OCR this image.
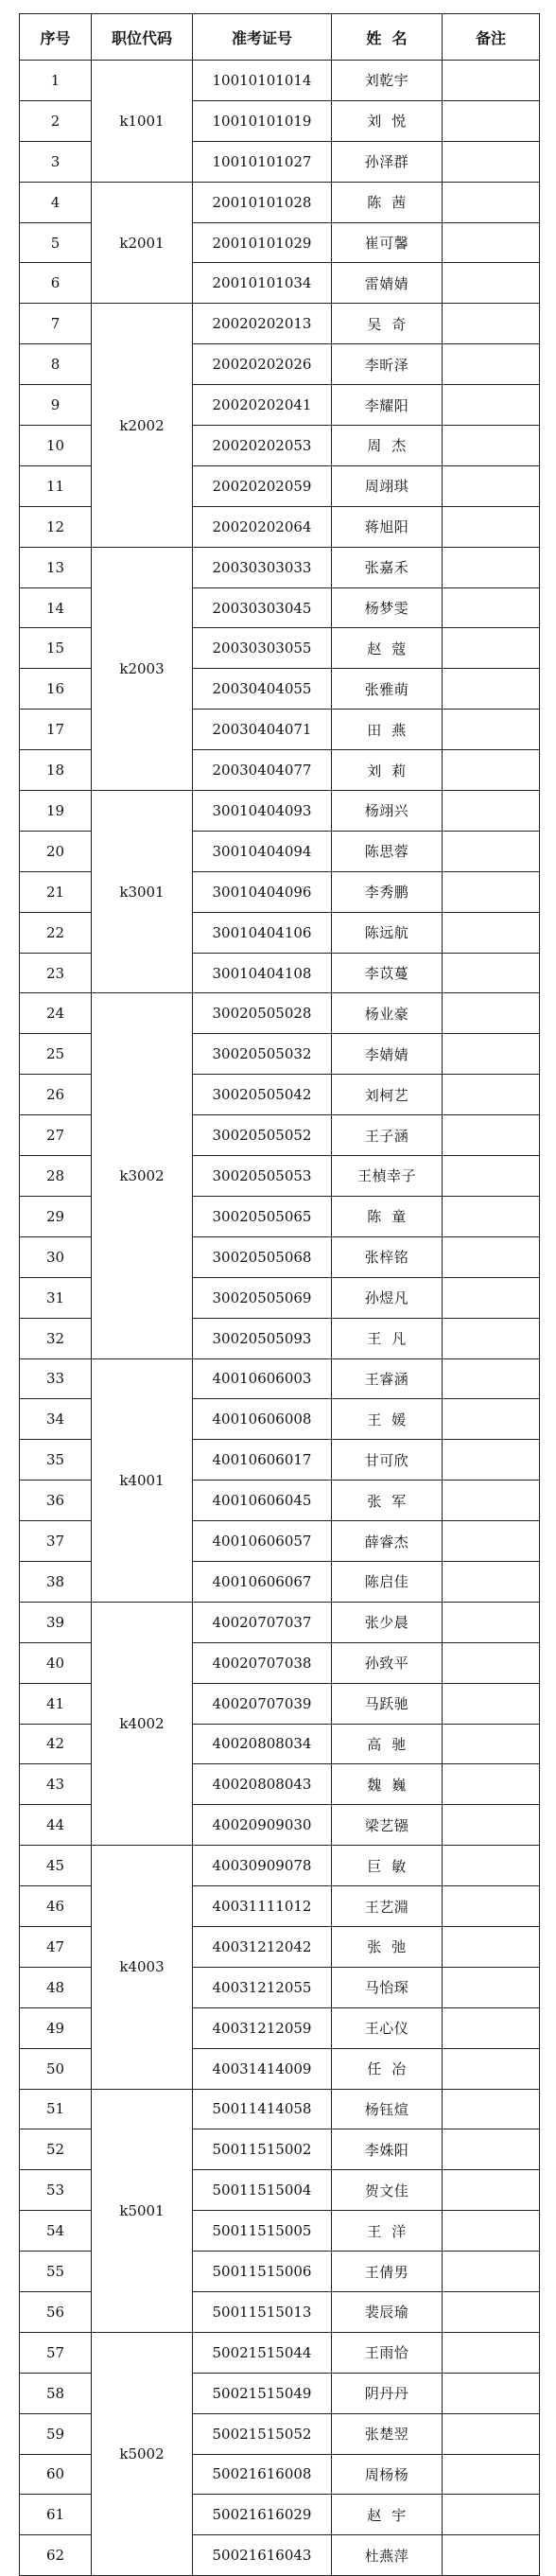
序号	职位代码	准考证号	姓  名	备注
1	k1001	10010101014	刘乾宇	
2		10010101019	刘  悦	
3		10010101027	孙泽群	
4	k2001	20010101028	陈  茜	
5		20010101029	崔可馨	
6		20010101034	雷婧婧	
7	k2002	20020202013	吴  奇	
8		20020202026	李昕泽	
9		20020202041	李耀阳	
10		20020202053	周  杰	
11		20020202059	周翊琪	
12		20020202064	蒋旭阳	
13	k2003	20030303033	张嘉禾	
14		20030303045	杨梦雯	
15		20030303055	赵  蔻	
16		20030404055	张雅萌	
17		20030404071	田  燕	
18		20030404077	刘  莉	
19	k3001	30010404093	杨翊兴	
20		30010404094	陈思蓉	
21		30010404096	李秀鹏	
22		30010404106	陈远航	
23		30010404108	李苡蔓	
24	k3002	30020505028	杨业豪	
25		30020505032	李婧婧	
26		30020505042	刘柯艺	
27		30020505052	王子涵	
28		30020505053	王楨幸子	
29		30020505065	陈  童	
30		30020505068	张梓铭	
31		30020505069	孙煜凡	
32		30020505093	王  凡	
33	k4001	40010606003	王睿涵	
34		40010606008	王  媛	
35		40010606017	甘可欣	
36		40010606045	张  军	
37		40010606057	薛睿杰	
38		40010606067	陈启佳	
39	k4002	40020707037	张少晨	
40		40020707038	孙致平	
41		40020707039	马跃驰	
42		40020808034	高  驰	
43		40020808043	魏  巍	
44		40020909030	梁艺镪	
45	k4003	40030909078	巨  敏	
46		40031111012	王艺淵	
47		40031212042	张  弛	
48		40031212055	马怡琛	
49		40031212059	王心仪	
50		40031414009	任  冶	
51	k5001	50011414058	杨钰煊	
52		50011515002	李姝阳	
53		50011515004	贺文佳	
54		50011515005	王  洋	
55		50011515006	王倩男	
56		50011515013	裴辰瑜	
57	k5002	50021515044	王雨恰	
58		50021515049	阴丹丹	
59		50021515052	张楚翌	
60		50021616008	周杨杨	
61		50021616029	赵  宇	
62		50021616043	杜燕萍	
